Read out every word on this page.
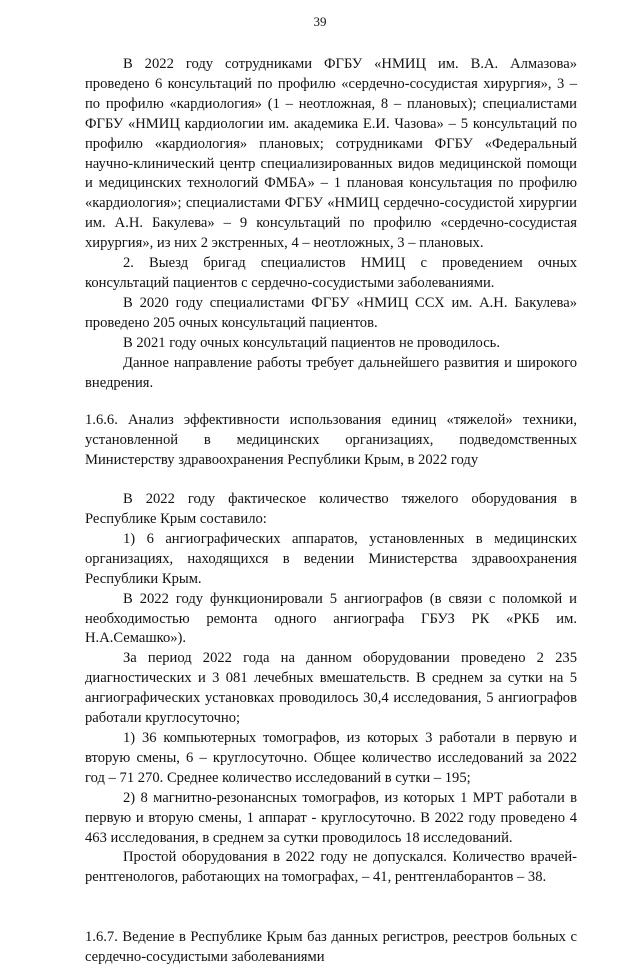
39

В 2022 году сотрудниками ФГБУ «НМИЦ им. В.А. Алмазова» проведено 6 консультаций по профилю «сердечно-сосудистая хирургия», 3 – по профилю «кардиология» (1 – неотложная, 8 – плановых); специалистами ФГБУ «НМИЦ кардиологии им. академика Е.И. Чазова» – 5 консультаций по профилю «кардиология» плановых; сотрудниками ФГБУ «Федеральный научно-клинический центр специализированных видов медицинской помощи и медицинских технологий ФМБА» – 1 плановая консультация по профилю «кардиология»; специалистами ФГБУ «НМИЦ сердечно-сосудистой хирургии им. А.Н. Бакулева» – 9 консультаций по профилю «сердечно-сосудистая хирургия», из них 2 экстренных, 4 – неотложных, 3 – плановых.

2. Выезд бригад специалистов НМИЦ с проведением очных консультаций пациентов с сердечно-сосудистыми заболеваниями.

В 2020 году специалистами ФГБУ «НМИЦ ССХ им. А.Н. Бакулева» проведено 205 очных консультаций пациентов.

В 2021 году очных консультаций пациентов не проводилось.

Данное направление работы требует дальнейшего развития и широкого внедрения.

1.6.6. Анализ эффективности использования единиц «тяжелой» техники, установленной в медицинских организациях, подведомственных Министерству здравоохранения Республики Крым, в 2022 году

В 2022 году фактическое количество тяжелого оборудования в Республике Крым составило:

1) 6 ангиографических аппаратов, установленных в медицинских организациях, находящихся в ведении Министерства здравоохранения Республики Крым.

В 2022 году функционировали 5 ангиографов (в связи с поломкой и необходимостью ремонта одного ангиографа ГБУЗ РК «РКБ им. Н.А.Семашко»).

За период 2022 года на данном оборудовании проведено 2 235 диагностических и 3 081 лечебных вмешательств. В среднем за сутки на 5 ангиографических установках проводилось 30,4 исследования, 5 ангиографов работали круглосуточно;

1) 36 компьютерных томографов, из которых 3 работали в первую и вторую смены, 6 – круглосуточно. Общее количество исследований за 2022 год – 71 270. Среднее количество исследований в сутки – 195;

2) 8 магнитно-резонансных томографов, из которых 1 МРТ работали в первую и вторую смены, 1 аппарат - круглосуточно. В 2022 году проведено 4 463 исследования, в среднем за сутки проводилось 18 исследований.

Простой оборудования в 2022 году не допускался. Количество врачей-рентгенологов, работающих на томографах, – 41, рентгенлаборантов – 38.

1.6.7. Ведение в Республике Крым баз данных регистров, реестров больных с сердечно-сосудистыми заболеваниями
